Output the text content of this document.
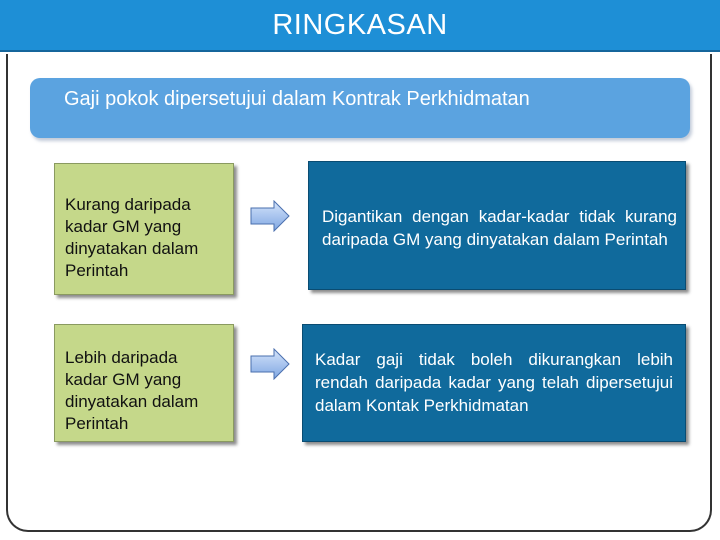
RINGKASAN
Gaji pokok dipersetujui dalam Kontrak Perkhidmatan
Kurang daripada kadar GM yang dinyatakan dalam Perintah
Digantikan dengan kadar-kadar tidak kurang daripada GM yang dinyatakan dalam Perintah
Lebih daripada kadar GM yang dinyatakan dalam Perintah
Kadar gaji tidak boleh dikurangkan lebih rendah daripada kadar yang telah dipersetujui dalam Kontak Perkhidmatan
